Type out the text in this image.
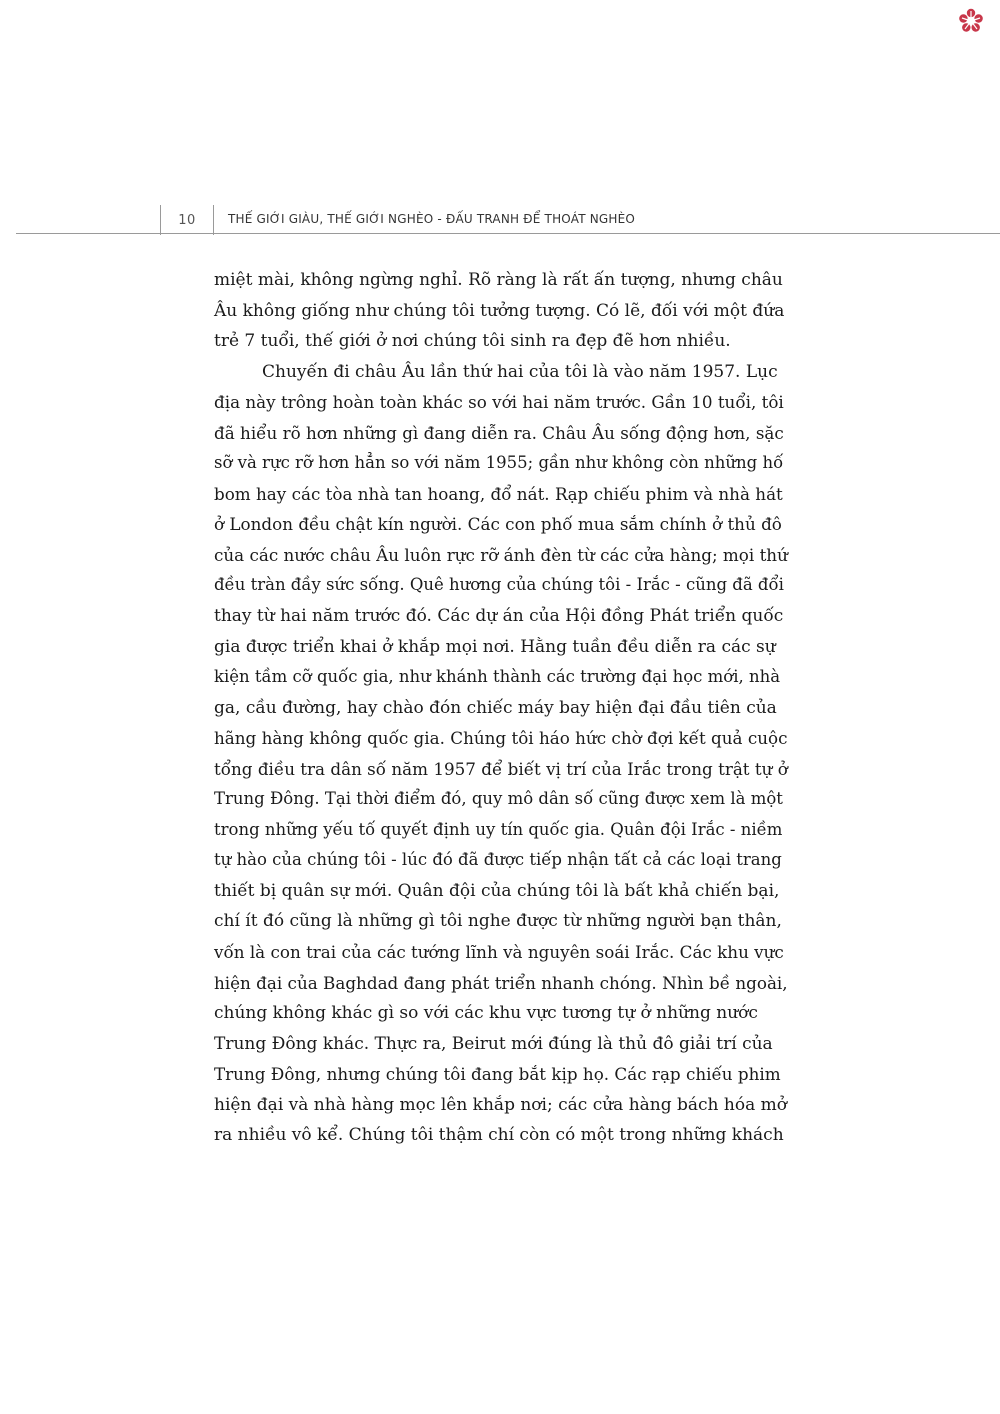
10	THẾ GIỚI GIÀU, THẾ GIỚI NGHÈO - ĐẤU TRANH ĐỂ THOÁT NGHÈO
miệt mài, không ngừng nghỉ. Rõ ràng là rất ấn tượng, nhưng châu
Âu không giống như chúng tôi tưởng tượng. Có lẽ, đối với một đứa
trẻ 7 tuổi, thế giới ở nơi chúng tôi sinh ra đẹp đẽ hơn nhiều.
Chuyến đi châu Âu lần thứ hai của tôi là vào năm 1957. Lục
địa này trông hoàn toàn khác so với hai năm trước. Gần 10 tuổi, tôi
đã hiểu rõ hơn những gì đang diễn ra. Châu Âu sống động hơn, sặc
sỡ và rực rỡ hơn hẳn so với năm 1955; gần như không còn những hố
bom hay các tòa nhà tan hoang, đổ nát. Rạp chiếu phim và nhà hát
ở London đều chật kín người. Các con phố mua sắm chính ở thủ đô
của các nước châu Âu luôn rực rỡ ánh đèn từ các cửa hàng; mọi thứ
đều tràn đầy sức sống. Quê hương của chúng tôi - Irắc - cũng đã đổi
thay từ hai năm trước đó. Các dự án của Hội đồng Phát triển quốc
gia được triển khai ở khắp mọi nơi. Hằng tuần đều diễn ra các sự
kiện tầm cỡ quốc gia, như khánh thành các trường đại học mới, nhà
ga, cầu đường, hay chào đón chiếc máy bay hiện đại đầu tiên của
hãng hàng không quốc gia. Chúng tôi háo hức chờ đợi kết quả cuộc
tổng điều tra dân số năm 1957 để biết vị trí của Irắc trong trật tự ở
Trung Đông. Tại thời điểm đó, quy mô dân số cũng được xem là một
trong những yếu tố quyết định uy tín quốc gia. Quân đội Irắc - niềm
tự hào của chúng tôi - lúc đó đã được tiếp nhận tất cả các loại trang
thiết bị quân sự mới. Quân đội của chúng tôi là bất khả chiến bại,
chí ít đó cũng là những gì tôi nghe được từ những người bạn thân,
vốn là con trai của các tướng lĩnh và nguyên soái Irắc. Các khu vực
hiện đại của Baghdad đang phát triển nhanh chóng. Nhìn bề ngoài,
chúng không khác gì so với các khu vực tương tự ở những nước
Trung Đông khác. Thực ra, Beirut mới đúng là thủ đô giải trí của
Trung Đông, nhưng chúng tôi đang bắt kịp họ. Các rạp chiếu phim
hiện đại và nhà hàng mọc lên khắp nơi; các cửa hàng bách hóa mở
ra nhiều vô kể. Chúng tôi thậm chí còn có một trong những khách
